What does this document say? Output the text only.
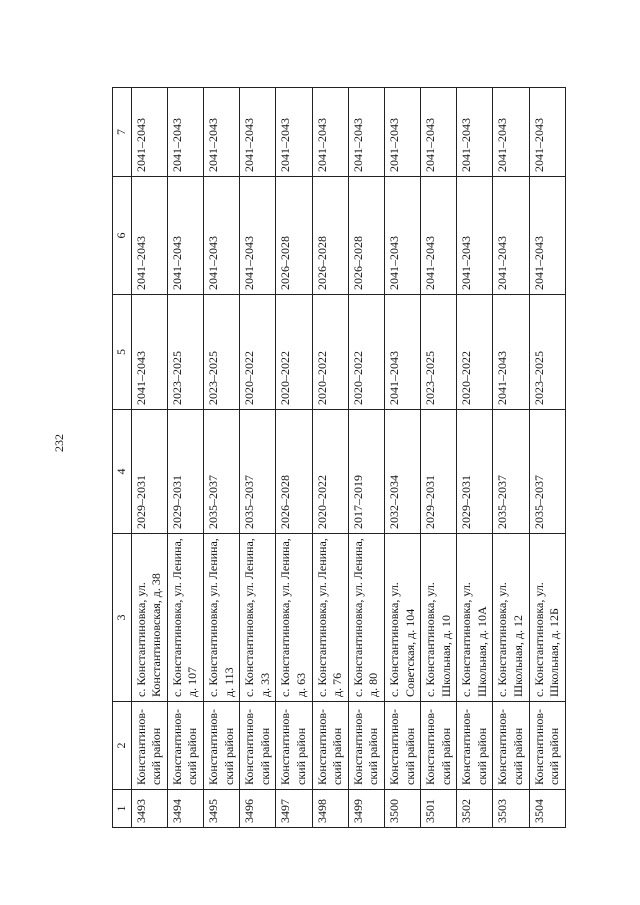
232
1	2	3	4	5	6	7
3493	Константинов-ский район	с. Константиновка, ул. Константиновская, д. 38	2029–2031	2041–2043	2041–2043	2041–2043
3494	Константинов-ский район	с. Константиновка, ул. Ленина, д. 107	2029–2031	2023–2025	2041–2043	2041–2043
3495	Константинов-ский район	с. Константиновка, ул. Ленина, д. 113	2035–2037	2023–2025	2041–2043	2041–2043
3496	Константинов-ский район	с. Константиновка, ул. Ленина, д. 33	2035–2037	2020–2022	2041–2043	2041–2043
3497	Константинов-ский район	с. Константиновка, ул. Ленина, д. 63	2026–2028	2020–2022	2026–2028	2041–2043
3498	Константинов-ский район	с. Константиновка, ул. Ленина, д. 76	2020–2022	2020–2022	2026–2028	2041–2043
3499	Константинов-ский район	с. Константиновка, ул. Ленина, д. 80	2017–2019	2020–2022	2026–2028	2041–2043
3500	Константинов-ский район	с. Константиновка, ул. Советская, д. 104	2032–2034	2041–2043	2041–2043	2041–2043
3501	Константинов-ский район	с. Константиновка, ул. Школьная, д. 10	2029–2031	2023–2025	2041–2043	2041–2043
3502	Константинов-ский район	с. Константиновка, ул. Школьная, д. 10А	2029–2031	2020–2022	2041–2043	2041–2043
3503	Константинов-ский район	с. Константиновка, ул. Школьная, д. 12	2035–2037	2041–2043	2041–2043	2041–2043
3504	Константинов-ский район	с. Константиновка, ул. Школьная, д. 12Б	2035–2037	2023–2025	2041–2043	2041–2043
